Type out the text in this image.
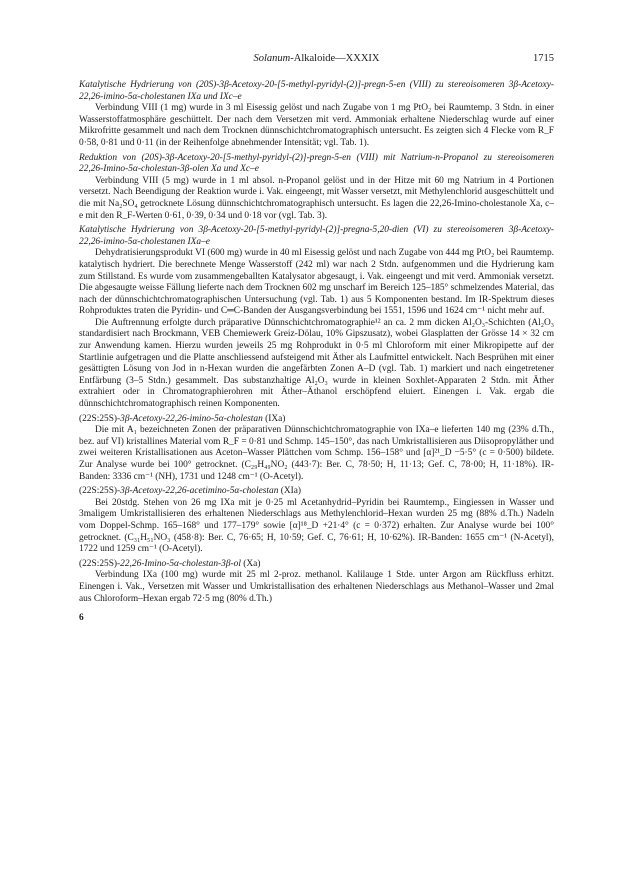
Solanum-Alkaloide—XXXIX	1715

Katalytische Hydrierung von (20S)-3β-Acetoxy-20-[5-methyl-pyridyl-(2)]-pregn-5-en (VIII) zu stereoisomeren 3β-Acetoxy-22,26-imino-5α-cholestanen IXa und IXc–e

Verbindung VIII (1 mg) wurde in 3 ml Eisessig gelöst und nach Zugabe von 1 mg PtO₂ bei Raumtemp. 3 Stdn. in einer Wasserstoffatmosphäre geschüttelt. Der nach dem Versetzen mit verd. Ammoniak erhaltene Niederschlag wurde auf einer Mikrofritte gesammelt und nach dem Trocknen dünnschichtchromatographisch untersucht. Es zeigten sich 4 Flecke vom R_F 0·58, 0·81 und 0·11 (in der Reihenfolge abnehmender Intensität; vgl. Tab. 1).

Reduktion von (20S)-3β-Acetoxy-20-[5-methyl-pyridyl-(2)]-pregn-5-en (VIII) mit Natrium-n-Propanol zu stereoisomeren 22,26-Imino-5α-cholestan-3β-olen Xa und Xc–e

Verbindung VIII (5 mg) wurde in 1 ml absol. n-Propanol gelöst und in der Hitze mit 60 mg Natrium in 4 Portionen versetzt. Nach Beendigung der Reaktion wurde i. Vak. eingeengt, mit Wasser versetzt, mit Methylenchlorid ausgeschüttelt und die mit Na₂SO₄ getrocknete Lösung dünnschichtchromatographisch untersucht. Es lagen die 22,26-Imino-cholestanole Xa, c–e mit den R_F-Werten 0·61, 0·39, 0·34 und 0·18 vor (vgl. Tab. 3).

Katalytische Hydrierung von 3β-Acetoxy-20-[5-methyl-pyridyl-(2)]-pregna-5,20-dien (VI) zu stereoisomeren 3β-Acetoxy-22,26-imino-5α-cholestanen IXa–e

Dehydratisierungsprodukt VI (600 mg) wurde in 40 ml Eisessig gelöst und nach Zugabe von 444 mg PtO₂ bei Raumtemp. katalytisch hydriert. Die berechnete Menge Wasserstoff (242 ml) war nach 2 Stdn. aufgenommen und die Hydrierung kam zum Stillstand. Es wurde vom zusammengeballten Katalysator abgesaugt, i. Vak. eingeengt und mit verd. Ammoniak versetzt. Die abgesaugte weisse Fällung lieferte nach dem Trocknen 602 mg unscharf im Bereich 125–185° schmelzendes Material, das nach der dünnschichtchromatographischen Untersuchung (vgl. Tab. 1) aus 5 Komponenten bestand. Im IR-Spektrum dieses Rohproduktes traten die Pyridin- und C═C-Banden der Ausgangsverbindung bei 1551, 1596 und 1624 cm⁻¹ nicht mehr auf.

Die Auftrennung erfolgte durch präparative Dünnschichtchromatographie¹² an ca. 2 mm dicken Al₂O₃-Schichten (Al₂O₃ standardisiert nach Brockmann, VEB Chemiewerk Greiz-Dölau, 10% Gipszusatz), wobei Glasplatten der Grösse 14 × 32 cm zur Anwendung kamen. Hierzu wurden jeweils 25 mg Rohprodukt in 0·5 ml Chloroform mit einer Mikropipette auf der Startlinie aufgetragen und die Platte anschliessend aufsteigend mit Äther als Laufmittel entwickelt. Nach Besprühen mit einer gesättigten Lösung von Jod in n-Hexan wurden die angefärbten Zonen A–D (vgl. Tab. 1) markiert und nach eingetretener Entfärbung (3–5 Stdn.) gesammelt. Das substanzhaltige Al₂O₃ wurde in kleinen Soxhlet-Apparaten 2 Stdn. mit Äther extrahiert oder in Chromatographierohren mit Äther–Äthanol erschöpfend eluiert. Einengen i. Vak. ergab die dünnschichtchromatographisch reinen Komponenten.

(22S:25S)-3β-Acetoxy-22,26-imino-5α-cholestan (IXa)

Die mit A₁ bezeichneten Zonen der präparativen Dünnschichtchromatographie von IXa–e lieferten 140 mg (23% d.Th., bez. auf VI) kristallines Material vom R_F = 0·81 und Schmp. 145–150°, das nach Umkristallisieren aus Diisopropyläther und zwei weiteren Kristallisationen aus Aceton–Wasser Plättchen vom Schmp. 156–158° und [α]²¹_D −5·5° (c = 0·500) bildete. Zur Analyse wurde bei 100° getrocknet. (C₂₉H₄₉NO₂ (443·7): Ber. C, 78·50; H, 11·13; Gef. C, 78·00; H, 11·18%). IR-Banden: 3336 cm⁻¹ (NH), 1731 und 1248 cm⁻¹ (O-Acetyl).

(22S:25S)-3β-Acetoxy-22,26-acetimino-5α-cholestan (XIa)

Bei 20stdg. Stehen von 26 mg IXa mit je 0·25 ml Acetanhydrid–Pyridin bei Raumtemp., Eingiessen in Wasser und 3maligem Umkristallisieren des erhaltenen Niederschlags aus Methylenchlorid–Hexan wurden 25 mg (88% d.Th.) Nadeln vom Doppel-Schmp. 165–168° und 177–179° sowie [α]¹⁸_D +21·4° (c = 0·372) erhalten. Zur Analyse wurde bei 100° getrocknet. (C₃₁H₅₁NO₃ (458·8): Ber. C, 76·65; H, 10·59; Gef. C, 76·61; H, 10·62%). IR-Banden: 1655 cm⁻¹ (N-Acetyl), 1722 und 1259 cm⁻¹ (O-Acetyl).

(22S:25S)-22,26-Imino-5α-cholestan-3β-ol (Xa)

Verbindung IXa (100 mg) wurde mit 25 ml 2-proz. methanol. Kalilauge 1 Stde. unter Argon am Rückfluss erhitzt. Einengen i. Vak., Versetzen mit Wasser und Umkristallisation des erhaltenen Niederschlags aus Methanol–Wasser und 2mal aus Chloroform–Hexan ergab 72·5 mg (80% d.Th.)

6
